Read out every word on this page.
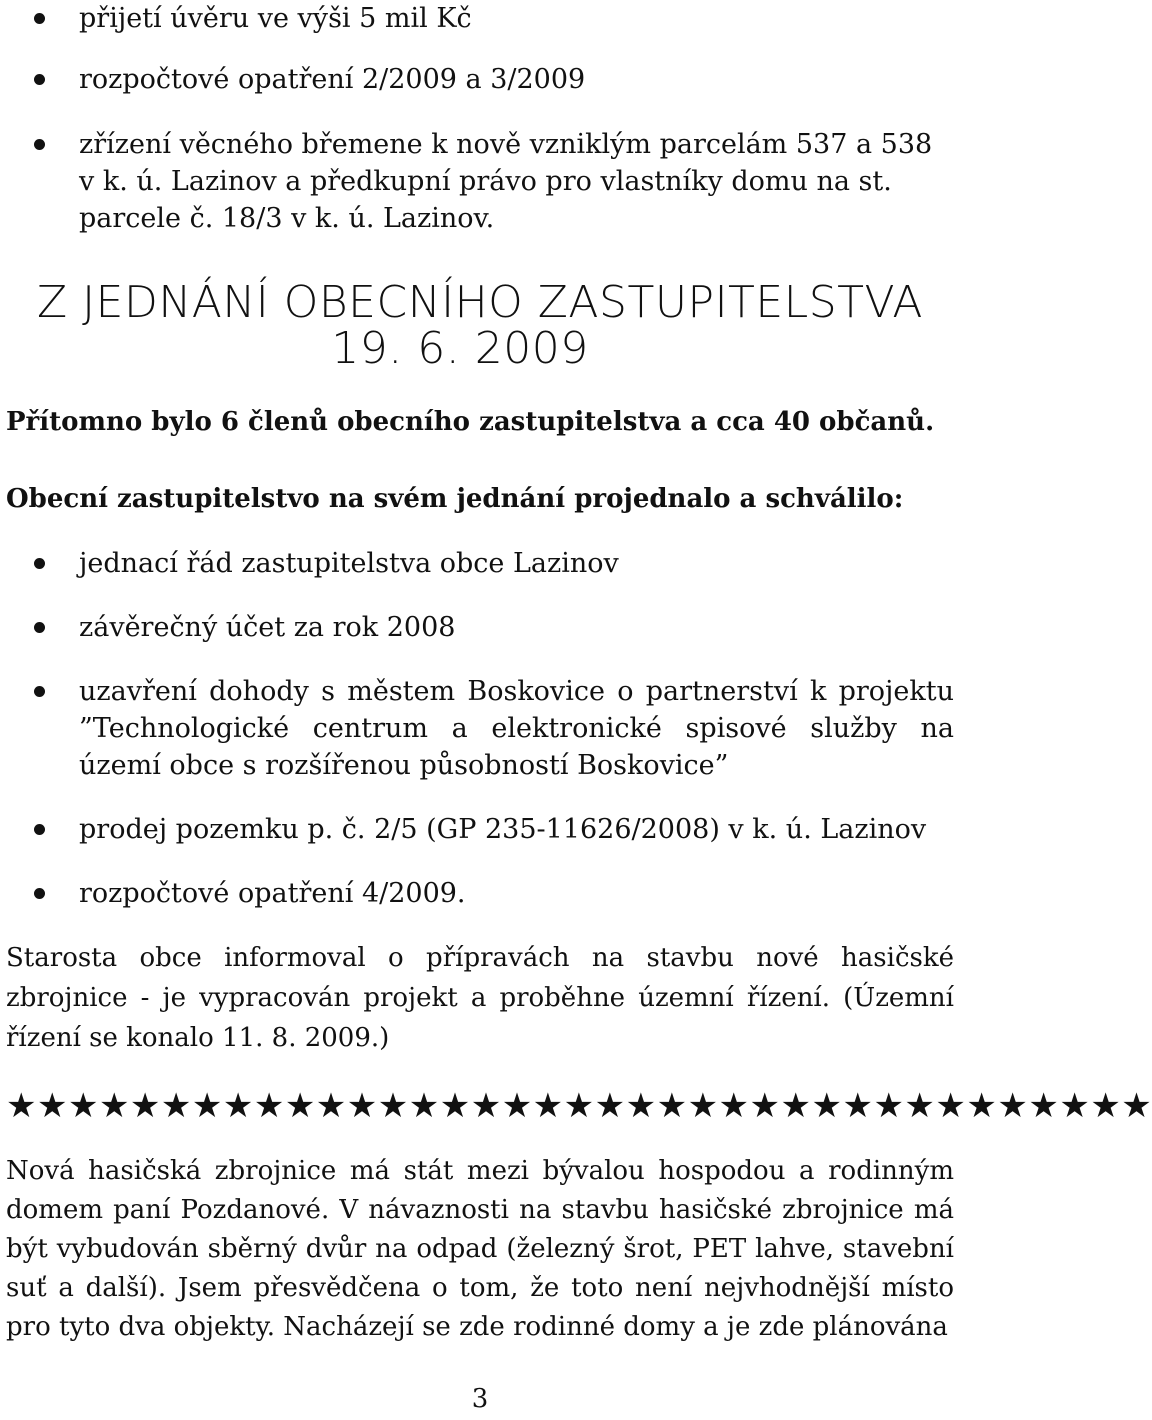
přijetí úvěru ve výši 5 mil Kč
rozpočtové opatření 2/2009 a 3/2009
zřízení věcného břemene k nově vzniklým parcelám 537 a 538 v k. ú. Lazinov a předkupní právo pro vlastníky domu na st. parcele č. 18/3 v k. ú. Lazinov.
Z JEDNÁNÍ OBECNÍHO ZASTUPITELSTVA
19. 6. 2009

Přítomno bylo 6 členů obecního zastupitelstva a cca 40 občanů.

Obecní zastupitelstvo na svém jednání projednalo a schválilo:

jednací řád zastupitelstva obce Lazinov
závěrečný účet za rok 2008
uzavření dohody s městem Boskovice o partnerství k projektu ”Technologické centrum a elektronické spisové služby na území obce s rozšířenou působností Boskovice”
prodej pozemku p. č. 2/5 (GP 235-11626/2008) v k. ú. Lazinov
rozpočtové opatření 4/2009.

Starosta obce informoval o přípravách na stavbu nové hasičské zbrojnice - je vypracován projekt a proběhne územní řízení. (Územní řízení se konalo 11. 8. 2009.)

★★★★★★★★★★★★★★★★★★★★★★★★★★★★★★★★★★★★★

Nová hasičská zbrojnice má stát mezi bývalou hospodou a rodinným domem paní Pozdanové. V návaznosti na stavbu hasičské zbrojnice má být vybudován sběrný dvůr na odpad (železný šrot, PET lahve, stavební suť a další). Jsem přesvědčena o tom, že toto není nejvhodnější místo pro tyto dva objekty. Nacházejí se zde rodinné domy a je zde plánována

3
